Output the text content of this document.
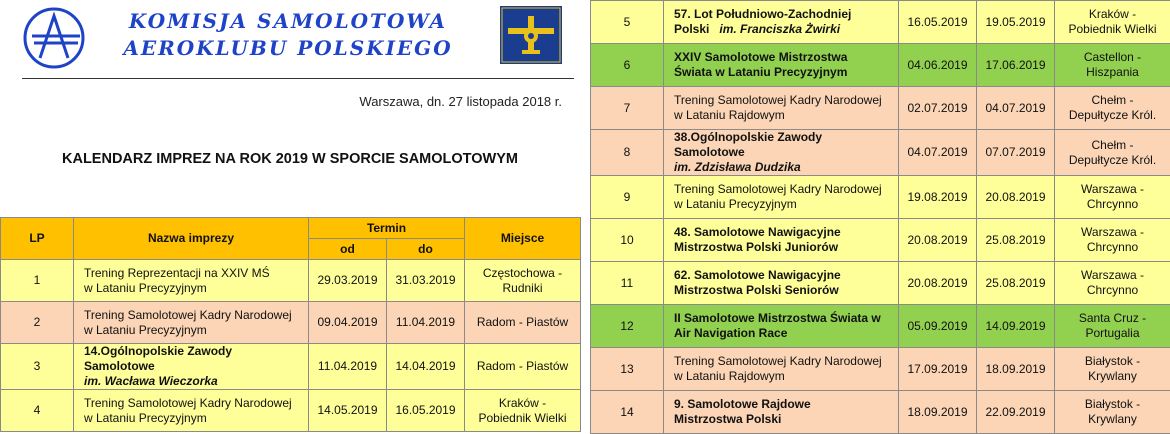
KOMISJA SAMOLOTOWA
AEROKLUBU POLSKIEGO
Warszawa, dn. 27 listopada 2018 r.
KALENDARZ IMPREZ NA ROK 2019 W SPORCIE SAMOLOTOWYM
LP	Nazwa imprezy	Termin		Miejsce
		od	do	
1	Trening Reprezentacji na XXIV MŚ
w Lataniu Precyzyjnym	29.03.2019	31.03.2019	Częstochowa -
Rudniki
2	Trening Samolotowej Kadry Narodowej
w Lataniu Precyzyjnym	09.04.2019	11.04.2019	Radom - Piastów
3	14.Ogólnopolskie Zawody Samolotowe
im. Wacława Wieczorka	11.04.2019	14.04.2019	Radom - Piastów
4	Trening Samolotowej Kadry Narodowej
w Lataniu Precyzyjnym	14.05.2019	16.05.2019	Kraków -
Pobiednik Wielki
5	57. Lot Południowo-Zachodniej
Polski im. Franciszka Żwirki	16.05.2019	19.05.2019	Kraków -
Pobiednik Wielki
6	XXIV Samolotowe Mistrzostwa
Świata w Lataniu Precyzyjnym	04.06.2019	17.06.2019	Castellon -
Hiszpania
7	Trening Samolotowej Kadry Narodowej
w Lataniu Rajdowym	02.07.2019	04.07.2019	Chełm -
Depułtycze Król.
8	38.Ogólnopolskie Zawody Samolotowe
im. Zdzisława Dudzika	04.07.2019	07.07.2019	Chełm -
Depułtycze Król.
9	Trening Samolotowej Kadry Narodowej
w Lataniu Precyzyjnym	19.08.2019	20.08.2019	Warszawa -
Chrcynno
10	48. Samolotowe Nawigacyjne
Mistrzostwa Polski Juniorów	20.08.2019	25.08.2019	Warszawa -
Chrcynno
11	62. Samolotowe Nawigacyjne
Mistrzostwa Polski Seniorów	20.08.2019	25.08.2019	Warszawa -
Chrcynno
12	II Samolotowe Mistrzostwa Świata w
Air Navigation Race	05.09.2019	14.09.2019	Santa Cruz -
Portugalia
13	Trening Samolotowej Kadry Narodowej
w Lataniu Rajdowym	17.09.2019	18.09.2019	Białystok -
Krywlany
14	9. Samolotowe Rajdowe
Mistrzostwa Polski	18.09.2019	22.09.2019	Białystok -
Krywlany
